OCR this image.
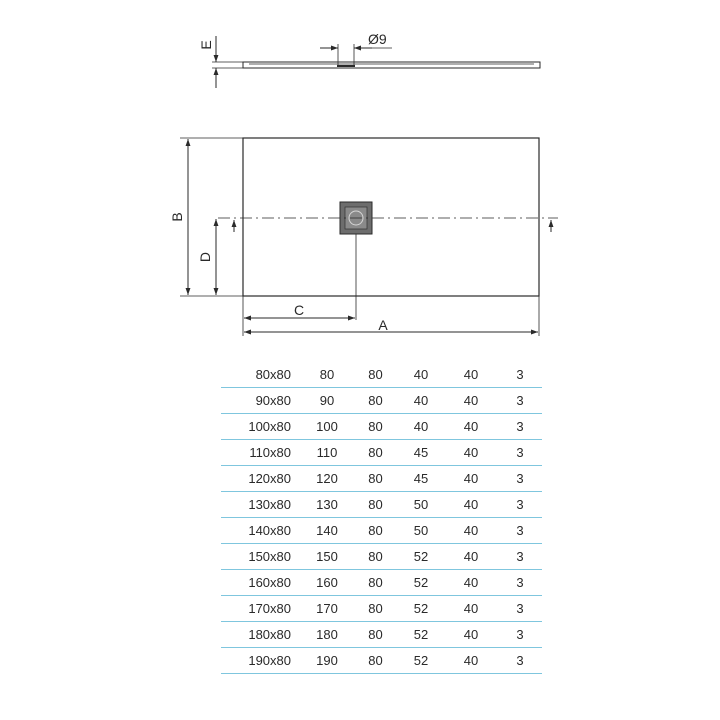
E	Ø9
B
D
C
A
80x80	80	80	40	40	3
90x80	90	80	40	40	3
100x80	100	80	40	40	3
110x80	110	80	45	40	3
120x80	120	80	45	40	3
130x80	130	80	50	40	3
140x80	140	80	50	40	3
150x80	150	80	52	40	3
160x80	160	80	52	40	3
170x80	170	80	52	40	3
180x80	180	80	52	40	3
190x80	190	80	52	40	3
